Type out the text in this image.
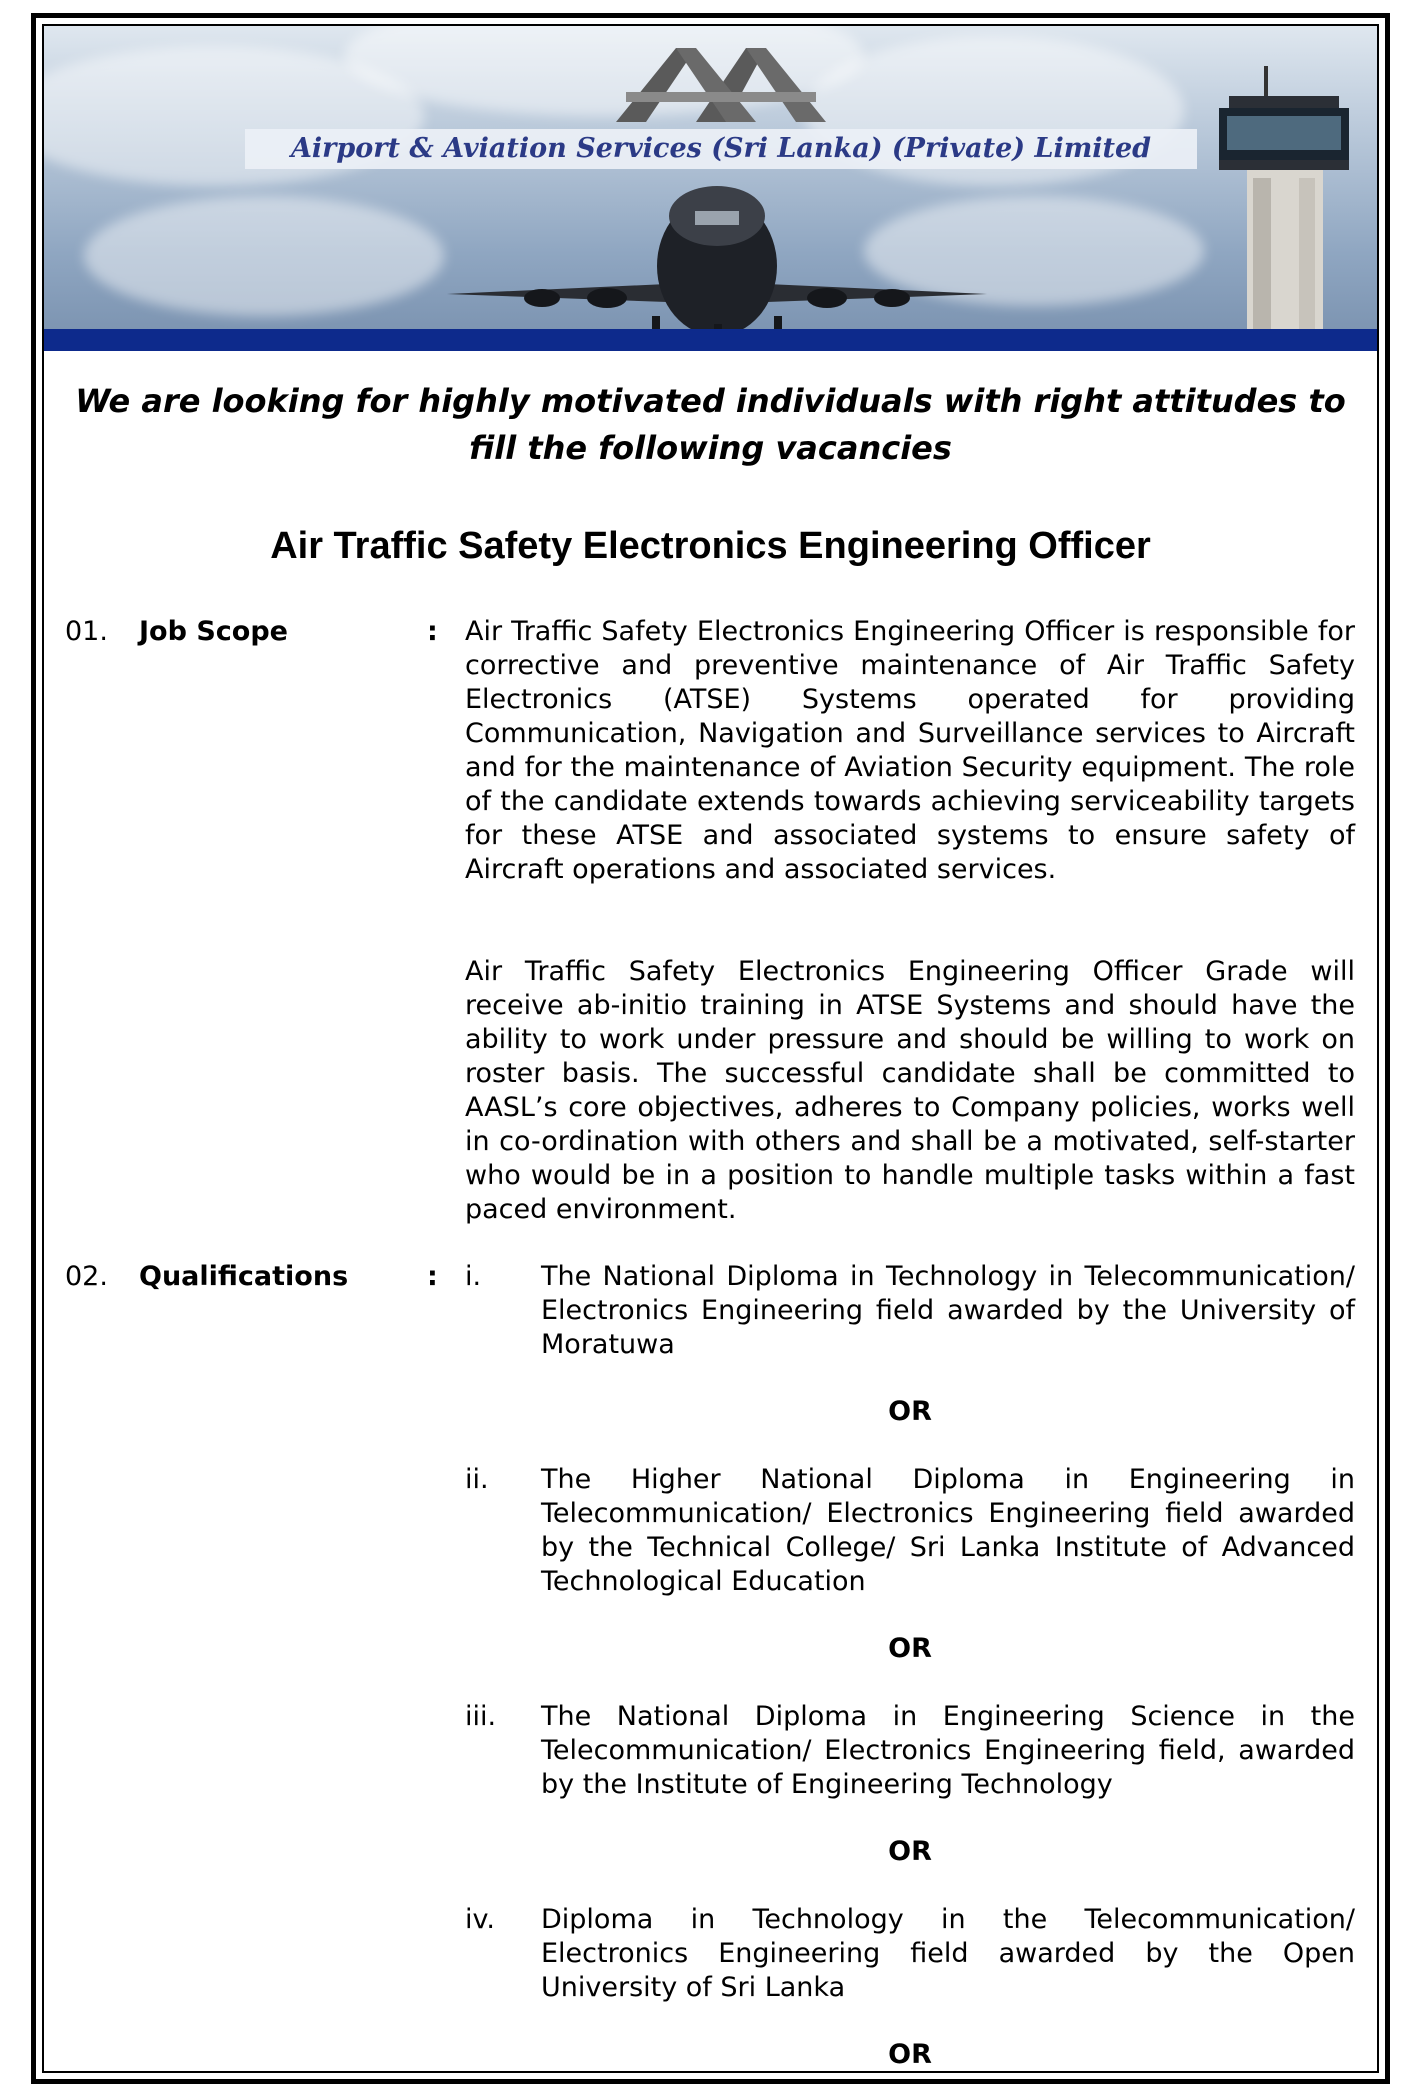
Airport & Aviation Services (Sri Lanka) (Private) Limited
We are looking for highly motivated individuals with right attitudes to fill the following vacancies
Air Traffic Safety Electronics Engineering Officer
01. Job Scope	: Air Traffic Safety Electronics Engineering Officer is responsible for corrective and preventive maintenance of Air Traffic Safety Electronics (ATSE) Systems operated for providing Communication, Navigation and Surveillance services to Aircraft and for the maintenance of Aviation Security equipment. The role of the candidate extends towards achieving serviceability targets for these ATSE and associated systems to ensure safety of Aircraft operations and associated services.

Air Traffic Safety Electronics Engineering Officer Grade will receive ab-initio training in ATSE Systems and should have the ability to work under pressure and should be willing to work on roster basis. The successful candidate shall be committed to AASL’s core objectives, adheres to Company policies, works well in co-ordination with others and shall be a motivated, self-starter who would be in a position to handle multiple tasks within a fast paced environment.

02. Qualifications	: i. The National Diploma in Technology in Telecommunication/ Electronics Engineering field awarded by the University of Moratuwa

OR
ii. The Higher National Diploma in Engineering in Telecommunication/ Electronics Engineering field awarded by the Technical College/ Sri Lanka Institute of Advanced Technological Education

OR
iii. The National Diploma in Engineering Science in the Telecommunication/ Electronics Engineering field, awarded by the Institute of Engineering Technology

OR
iv. Diploma in Technology in the Telecommunication/ Electronics Engineering field awarded by the Open University of Sri Lanka

OR
